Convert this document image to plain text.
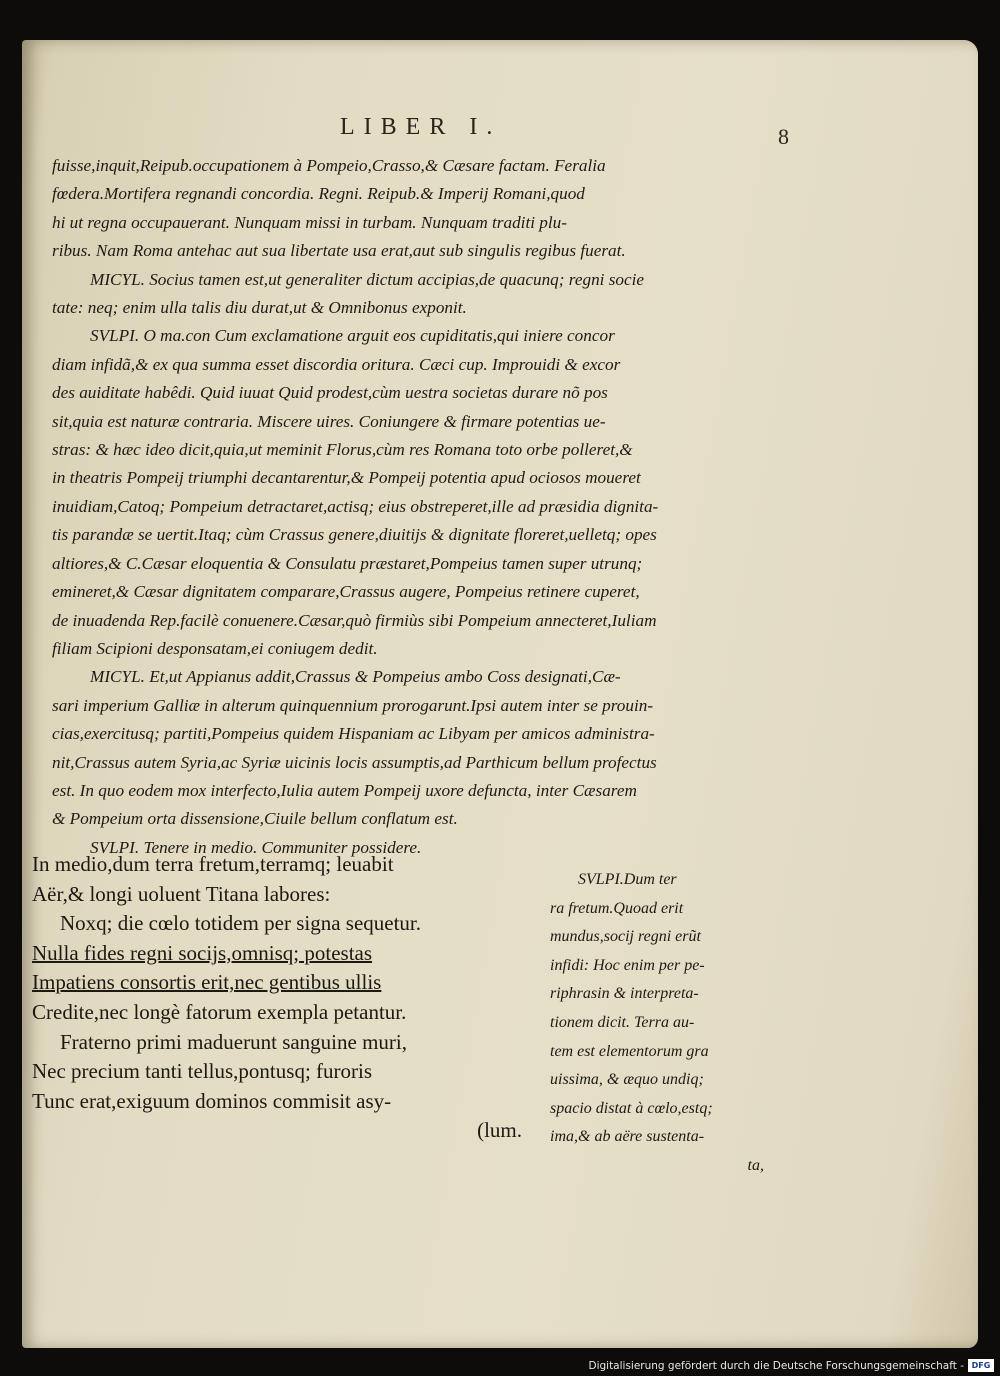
LIBER I.	8
fuisse,inquit,Reipub.occupationem à Pompeio,Crasso,& Cæsare factam. Feralia
fœdera.Mortifera regnandi concordia. Regni. Reipub.& Imperij Romani,quod
hi ut regna occupauerant. Nunquam missi in turbam. Nunquam traditi plu-
ribus. Nam Roma antehac aut sua libertate usa erat,aut sub singulis regibus fuerat.
MICYL. Socius tamen est,ut generaliter dictum accipias,de quacunq; regni socie
tate: neq; enim ulla talis diu durat,ut & Omnibonus exponit.
SVLPI. O ma.con Cum exclamatione arguit eos cupiditatis,qui iniere concor
diam infidã,& ex qua summa esset discordia oritura. Cæci cup. Improuidi & excor
des auiditate habêdi. Quid iuuat Quid prodest,cùm uestra societas durare nõ pos
sit,quia est naturæ contraria. Miscere uires. Coniungere & firmare potentias ue-
stras: & hæc ideo dicit,quia,ut meminit Florus,cùm res Romana toto orbe polleret,&
in theatris Pompeij triumphi decantarentur,& Pompeij potentia apud ociosos moueret
inuidiam,Catoq; Pompeium detractaret,actisq; eius obstreperet,ille ad præsidia dignita-
tis parandæ se uertit.Itaq; cùm Crassus genere,diuitijs & dignitate floreret,uelletq; opes
altiores,& C.Cæsar eloquentia & Consulatu præstaret,Pompeius tamen super utrunq;
emineret,& Cæsar dignitatem comparare,Crassus augere, Pompeius retinere cuperet,
de inuadenda Rep.facilè conuenere.Cæsar,quò firmiùs sibi Pompeium annecteret,Iuliam
filiam Scipioni desponsatam,ei coniugem dedit.
MICYL. Et,ut Appianus addit,Crassus & Pompeius ambo Coss designati,Cæ-
sari imperium Galliæ in alterum quinquennium prorogarunt.Ipsi autem inter se prouin-
cias,exercitusq; partiti,Pompeius quidem Hispaniam ac Libyam per amicos administra-
nit,Crassus autem Syria,ac Syriæ uicinis locis assumptis,ad Parthicum bellum profectus
est. In quo eodem mox interfecto,Iulia autem Pompeij uxore defuncta, inter Cæsarem
& Pompeium orta dissensione,Ciuile bellum conflatum est.
SVLPI. Tenere in medio. Communiter possidere.
In medio,dum terra fretum,terramq; leuabit
Aër,& longi uoluent Titana labores:
Noxq; die cœlo totidem per signa sequetur.
Nulla fides regni socijs,omnisq; potestas
Impatiens consortis erit,nec gentibus ullis
Credite,nec longè fatorum exempla petantur.
Fraterno primi maduerunt sanguine muri,
Nec precium tanti tellus,pontusq; furoris
Tunc erat,exiguum dominos commisit asy-
(lum.
SVLPI.Dum ter
ra fretum.Quoad erit
mundus,socij regni erũt
infidi: Hoc enim per pe-
riphrasin & interpreta-
tionem dicit. Terra au-
tem est elementorum gra
uissima, & æquo undiq;
spacio distat à cœlo,estq;
ima,& ab aëre sustenta-
ta,
Digitalisierung gefördert durch die Deutsche Forschungsgemeinschaft - DFG
